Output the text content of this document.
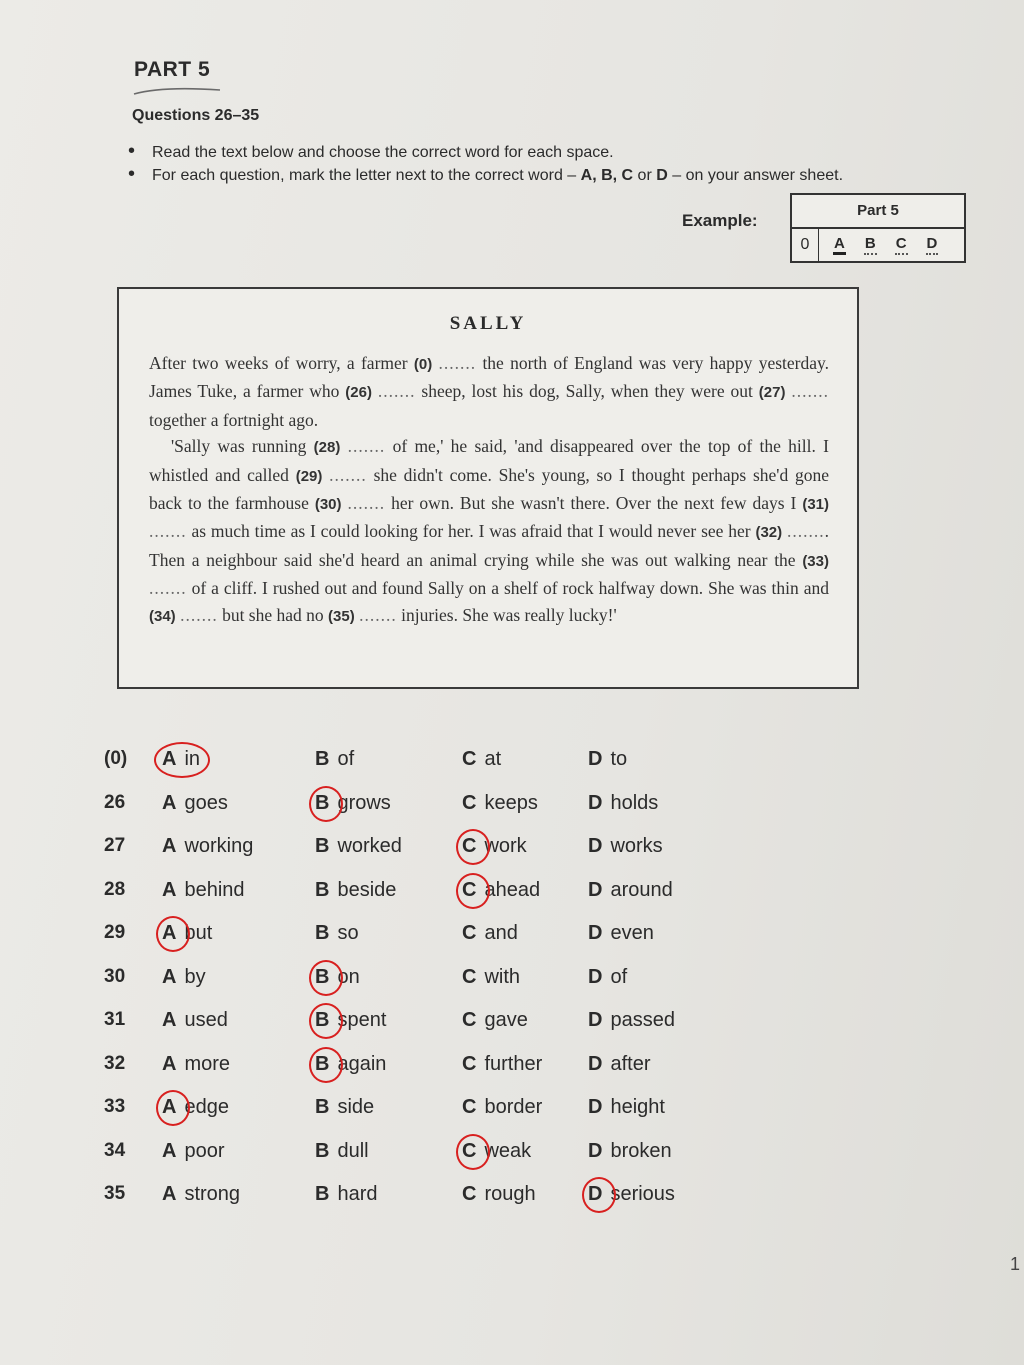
PART 5
Questions 26–35
• Read the text below and choose the correct word for each space.
• For each question, mark the letter next to the correct word – A, B, C or D – on your answer sheet.
Example:
Part 5
0	A B C D
SALLY

After two weeks of worry, a farmer (0) ....... the north of England was very happy yesterday. James Tuke, a farmer who (26) ....... sheep, lost his dog, Sally, when they were out (27) ....... together a fortnight ago.

'Sally was running (28) ....... of me,' he said, 'and disappeared over the top of the hill. I whistled and called (29) ....... she didn't come. She's young, so I thought perhaps she'd gone back to the farmhouse (30) ....... her own. But she wasn't there. Over the next few days I (31) ....... as much time as I could looking for her. I was afraid that I would never see her (32) ........ Then a neighbour said she'd heard an animal crying while she was out walking near the (33) ....... of a cliff. I rushed out and found Sally on a shelf of rock halfway down. She was thin and (34) ....... but she had no (35) ....... injuries. She was really lucky!'

(0)	A in	B of	C at	D to
26	A goes	B grows	C keeps	D holds
27	A working	B worked	C work	D works
28	A behind	B beside	C ahead D around
29	A but	B so	C and	D even
30	A by	B on	C with	D of
31	A used	B spent	C gave	D passed
32	A more	B again	C further D after
33	A edge	B side	C border D height
34	A poor	B dull	C weak	D broken
35	A strong	B hard	C rough	D serious
1
